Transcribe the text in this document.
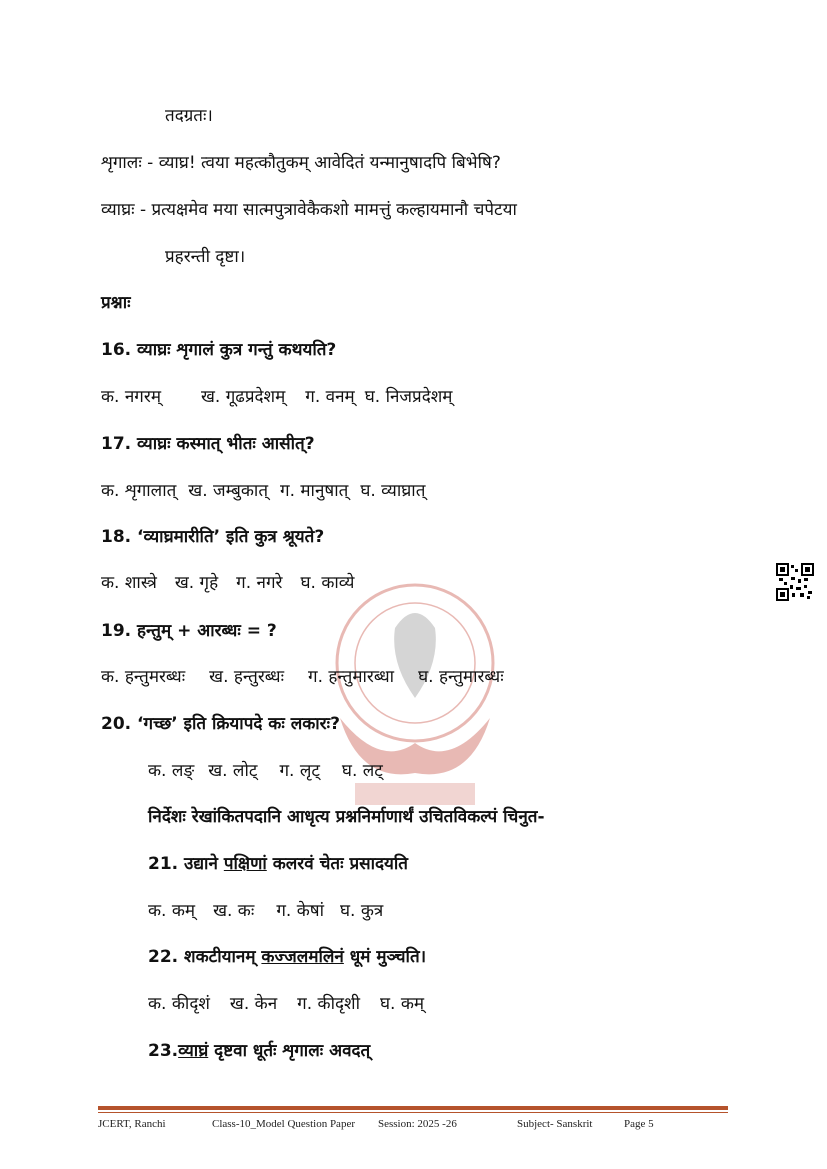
तदग्रतः।
शृगालः - व्याघ्र! त्वया महत्कौतुकम् आवेदितं यन्मानुषादपि बिभेषि?
व्याघ्रः - प्रत्यक्षमेव मया सात्मपुत्रावेकैकशो मामत्तुं कल्हायमानौ चपेटया
प्रहरन्ती दृष्टा।
प्रश्नाः
16. व्याघ्रः शृगालं कुत्र गन्तुं कथयति?
क. नगरम् ख. गूढप्रदेशम् ग. वनम् घ. निजप्रदेशम्
17. व्याघ्रः कस्मात् भीतः आसीत्?
क. शृगालात् ख. जम्बुकात् ग. मानुषात् घ. व्याघ्रात्
18. ‘व्याघ्रमारीति’ इति कुत्र श्रूयते?
क. शास्त्रे ख. गृहे ग. नगरे घ. काव्ये
19. हन्तुम् + आरब्धः = ?
क. हन्तुमरब्धः ख. हन्तुरब्धः ग. हन्तुमारब्धा घ. हन्तुमारब्धः
20. ‘गच्छ’ इति क्रियापदे कः लकारः?
क. लङ् ख. लोट् ग. लृट् घ. लट्
निर्देशः रेखांकितपदानि आधृत्य प्रश्ननिर्माणार्थं उचितविकल्पं चिनुत-
21. उद्याने पक्षिणां कलरवं चेतः प्रसादयति
क. कम् ख. कः ग. केषां घ. कुत्र
22. शकटीयानम् कज्जलमलिनं धूमं मुञ्चति।
क. कीदृशं ख. केन ग. कीदृशी घ. कम्
23.व्याघ्रं दृष्टवा धूर्तः शृगालः अवदत्
JCERT, Ranchi	Class-10_Model Question Paper Session: 2025 -26	Subject- Sanskrit	Page 5
